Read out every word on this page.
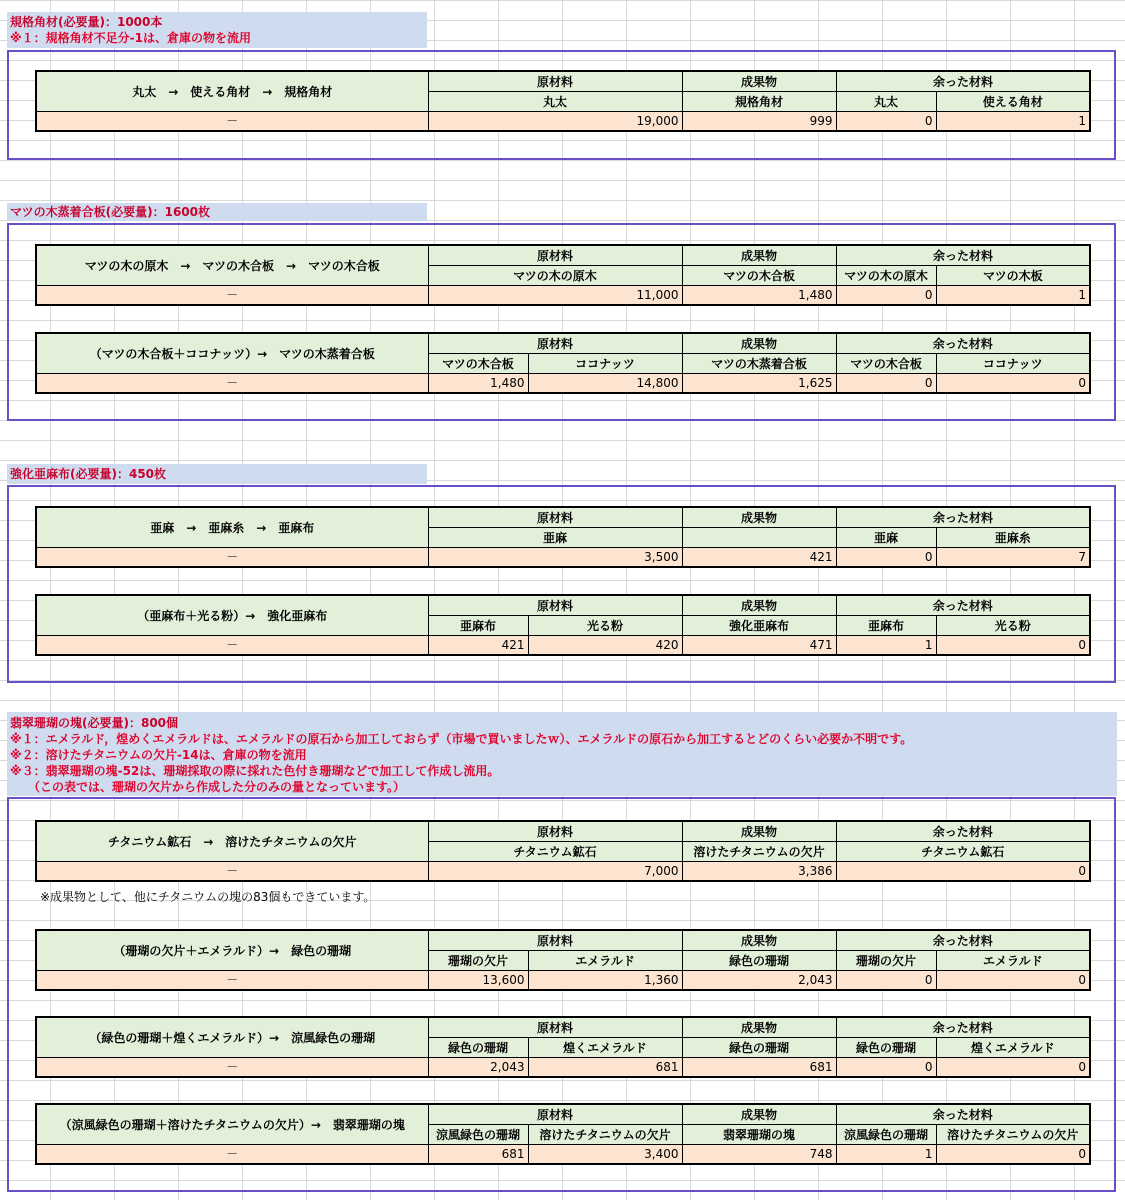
規格角材(必要量)：1000本
※１：規格角材不足分-1は、倉庫の物を流用
丸太　→　使える角材　→　規格角材	原材料	成果物	余った材料	
	丸太	規格角材	丸太	使える角材
－	19,000	999	0	1
マツの木蒸着合板(必要量)：1600枚
マツの木の原木　→　マツの木合板　→　マツの木合板	原材料	成果物	余った材料	
	マツの木の原木	マツの木合板	マツの木の原木	マツの木板
－	11,000	1,480	0	1
（マツの木合板＋ココナッツ）→　マツの木蒸着合板	原材料		成果物	余った材料	
	マツの木合板	ココナッツ	マツの木蒸着合板	マツの木合板	ココナッツ
－	1,480	14,800	1,625	0	0
強化亜麻布(必要量)：450枚
亜麻　→　亜麻糸　→　亜麻布	原材料	成果物	余った材料	
	亜麻		亜麻	亜麻糸
－	3,500	421	0	7
（亜麻布＋光る粉）→　強化亜麻布	原材料		成果物	余った材料	
	亜麻布	光る粉	強化亜麻布	亜麻布	光る粉
－	421	420	471	1	0
翡翠珊瑚の塊(必要量)：800個
※１：エメラルド，煌めくエメラルドは、エメラルドの原石から加工しておらず（市場で買いましたｗ）、エメラルドの原石から加工するとどのくらい必要か不明です。
※２：溶けたチタニウムの欠片-14は、倉庫の物を流用
※３：翡翠珊瑚の塊-52は、珊瑚採取の際に採れた色付き珊瑚などで加工して作成し流用。
　　（この表では、珊瑚の欠片から作成した分のみの量となっています。）
チタニウム鉱石　→　溶けたチタニウムの欠片	原材料	成果物	余った材料
	チタニウム鉱石	溶けたチタニウムの欠片	チタニウム鉱石
－	7,000	3,386	0
※成果物として、他にチタニウムの塊の83個もできています。
（珊瑚の欠片＋エメラルド）→　緑色の珊瑚	原材料		成果物	余った材料	
	珊瑚の欠片	エメラルド	緑色の珊瑚	珊瑚の欠片	エメラルド
－	13,600	1,360	2,043	0	0
（緑色の珊瑚＋煌くエメラルド）→　涼風緑色の珊瑚	原材料		成果物	余った材料	
	緑色の珊瑚	煌くエメラルド	緑色の珊瑚	緑色の珊瑚	煌くエメラルド
－	2,043	681	681	0	0
（涼風緑色の珊瑚＋溶けたチタニウムの欠片）→　翡翠珊瑚の塊	原材料		成果物	余った材料	
	涼風緑色の珊瑚	溶けたチタニウムの欠片	翡翠珊瑚の塊	涼風緑色の珊瑚	溶けたチタニウムの欠片
－	681	3,400	748	1	0
